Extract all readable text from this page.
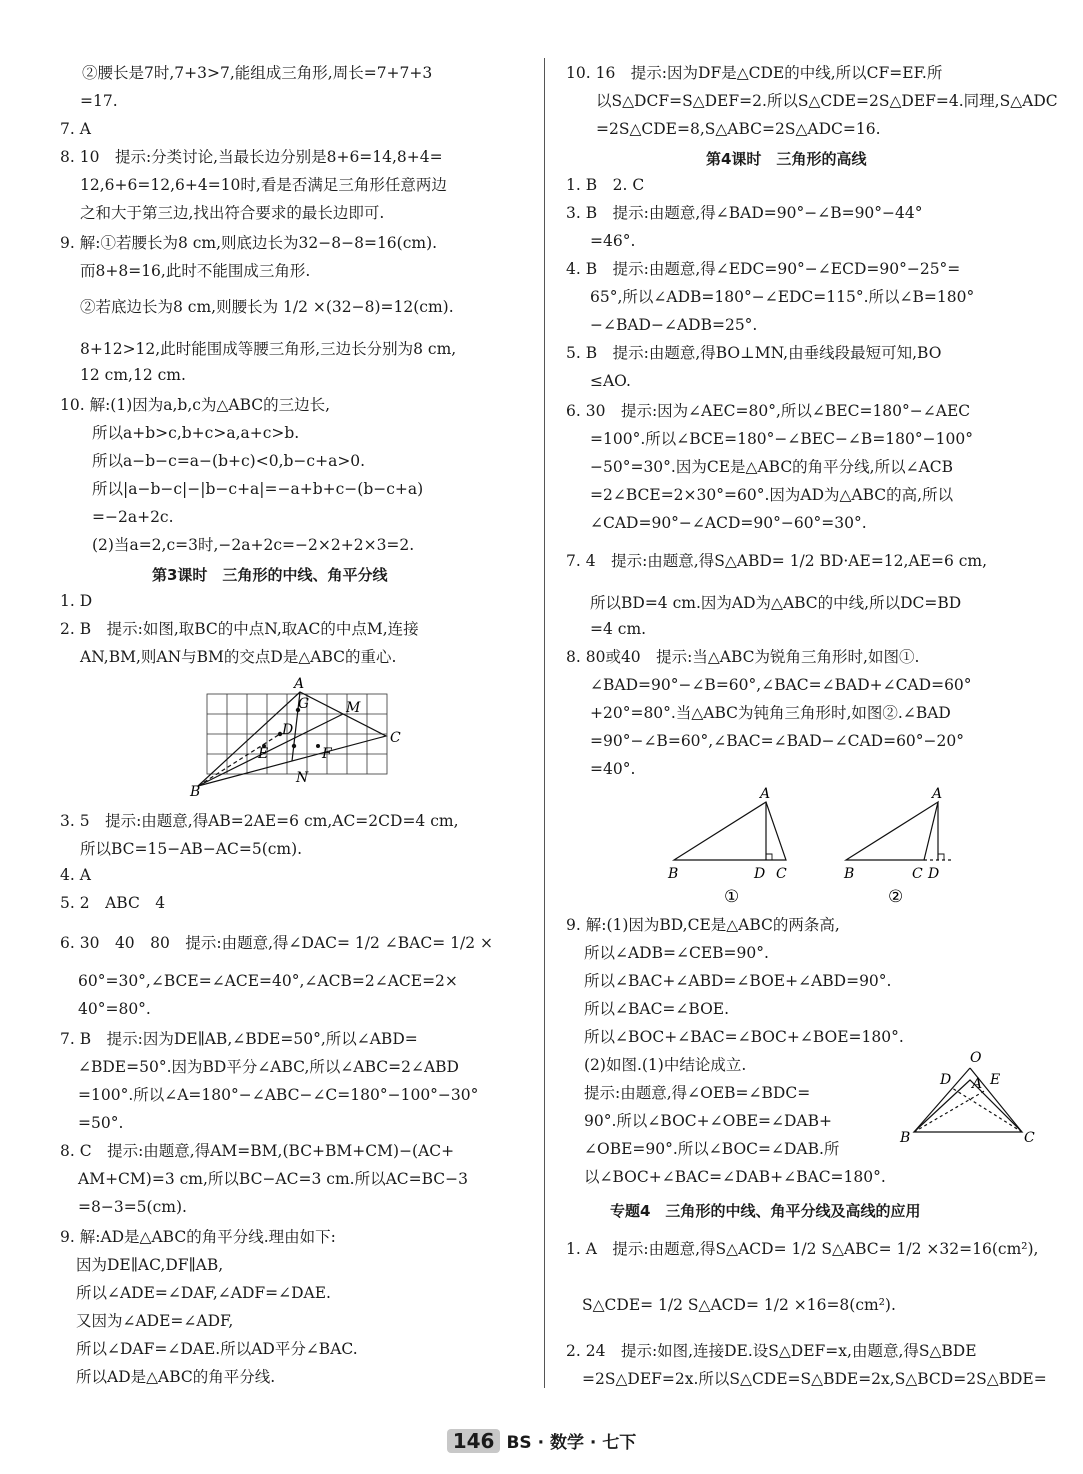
②腰长是7时,7+3>7,能组成三角形,周长=7+7+3
=17.
7. A
8. 10　提示:分类讨论,当最长边分别是8+6=14,8+4=
12,6+6=12,6+4=10时,看是否满足三角形任意两边
之和大于第三边,找出符合要求的最长边即可.
9. 解:①若腰长为8 cm,则底边长为32−8−8=16(cm).
而8+8=16,此时不能围成三角形.
②若底边长为8 cm,则腰长为 1/2 ×(32−8)=12(cm).
8+12>12,此时能围成等腰三角形,三边长分别为8 cm,
12 cm,12 cm.
10. 解:(1)因为a,b,c为△ABC的三边长,
所以a+b>c,b+c>a,a+c>b.
所以a−b−c=a−(b+c)<0,b−c+a>0.
所以|a−b−c|−|b−c+a|=−a+b+c−(b−c+a)
=−2a+2c.
(2)当a=2,c=3时,−2a+2c=−2×2+2×3=2.
第3课时　三角形的中线、角平分线
1. D
2. B　提示:如图,取BC的中点N,取AC的中点M,连接
AN,BM,则AN与BM的交点D是△ABC的重心.
A
B
C
G	M
D
E	F
N
3. 5　提示:由题意,得AB=2AE=6 cm,AC=2CD=4 cm,
所以BC=15−AB−AC=5(cm).
4. A
5. 2　ABC　4
6. 30　40　80　提示:由题意,得∠DAC= 1/2 ∠BAC= 1/2 ×
60°=30°,∠BCE=∠ACE=40°,∠ACB=2∠ACE=2×
40°=80°.
7. B　提示:因为DE∥AB,∠BDE=50°,所以∠ABD=
∠BDE=50°.因为BD平分∠ABC,所以∠ABC=2∠ABD
=100°.所以∠A=180°−∠ABC−∠C=180°−100°−30°
=50°.
8. C　提示:由题意,得AM=BM,(BC+BM+CM)−(AC+
AM+CM)=3 cm,所以BC−AC=3 cm.所以AC=BC−3
=8−3=5(cm).
9. 解:AD是△ABC的角平分线.理由如下:
因为DE∥AC,DF∥AB,
所以∠ADE=∠DAF,∠ADF=∠DAE.
又因为∠ADE=∠ADF,
所以∠DAF=∠DAE.所以AD平分∠BAC.
所以AD是△ABC的角平分线.
10. 16　提示:因为DF是△CDE的中线,所以CF=EF.所
以S△DCF=S△DEF=2.所以S△CDE=2S△DEF=4.同理,S△ADC
=2S△CDE=8,S△ABC=2S△ADC=16.
第4课时　三角形的高线
1. B　2. C
3. B　提示:由题意,得∠BAD=90°−∠B=90°−44°
=46°.
4. B　提示:由题意,得∠EDC=90°−∠ECD=90°−25°=
65°,所以∠ADB=180°−∠EDC=115°.所以∠B=180°
−∠BAD−∠ADB=25°.
5. B　提示:由题意,得BO⊥MN,由垂线段最短可知,BO
≤AO.
6. 30　提示:因为∠AEC=80°,所以∠BEC=180°−∠AEC
=100°.所以∠BCE=180°−∠BEC−∠B=180°−100°
−50°=30°.因为CE是△ABC的角平分线,所以∠ACB
=2∠BCE=2×30°=60°.因为AD为△ABC的高,所以
∠CAD=90°−∠ACD=90°−60°=30°.
7. 4　提示:由题意,得S△ABD= 1/2 BD·AE=12,AE=6 cm,
所以BD=4 cm.因为AD为△ABC的中线,所以DC=BD
=4 cm.
8. 80或40　提示:当△ABC为锐角三角形时,如图①.
∠BAD=90°−∠B=60°,∠BAC=∠BAD+∠CAD=60°
+20°=80°.当△ABC为钝角三角形时,如图②.∠BAD
=90°−∠B=60°,∠BAC=∠BAD−∠CAD=60°−20°
=40°.
A
B	D C
①
A
B	C D
②
9. 解:(1)因为BD,CE是△ABC的两条高,
所以∠ADB=∠CEB=90°.
所以∠BAC+∠ABD=∠BOE+∠ABD=90°.
所以∠BAC=∠BOE.
所以∠BOC+∠BAC=∠BOC+∠BOE=180°.
(2)如图.(1)中结论成立.
提示:由题意,得∠OEB=∠BDC=
90°.所以∠BOC+∠OBE=∠DAB+
∠OBE=90°.所以∠BOC=∠DAB.所
以∠BOC+∠BAC=∠DAB+∠BAC=180°.
O
D A E
B	C
专题4　三角形的中线、角平分线及高线的应用
1. A　提示:由题意,得S△ACD= 1/2 S△ABC= 1/2 ×32=16(cm²),
S△CDE= 1/2 S△ACD= 1/2 ×16=8(cm²).
2. 24　提示:如图,连接DE.设S△DEF=x,由题意,得S△BDE
=2S△DEF=2x.所以S△CDE=S△BDE=2x,S△BCD=2S△BDE=
146 BS · 数学 · 七下
